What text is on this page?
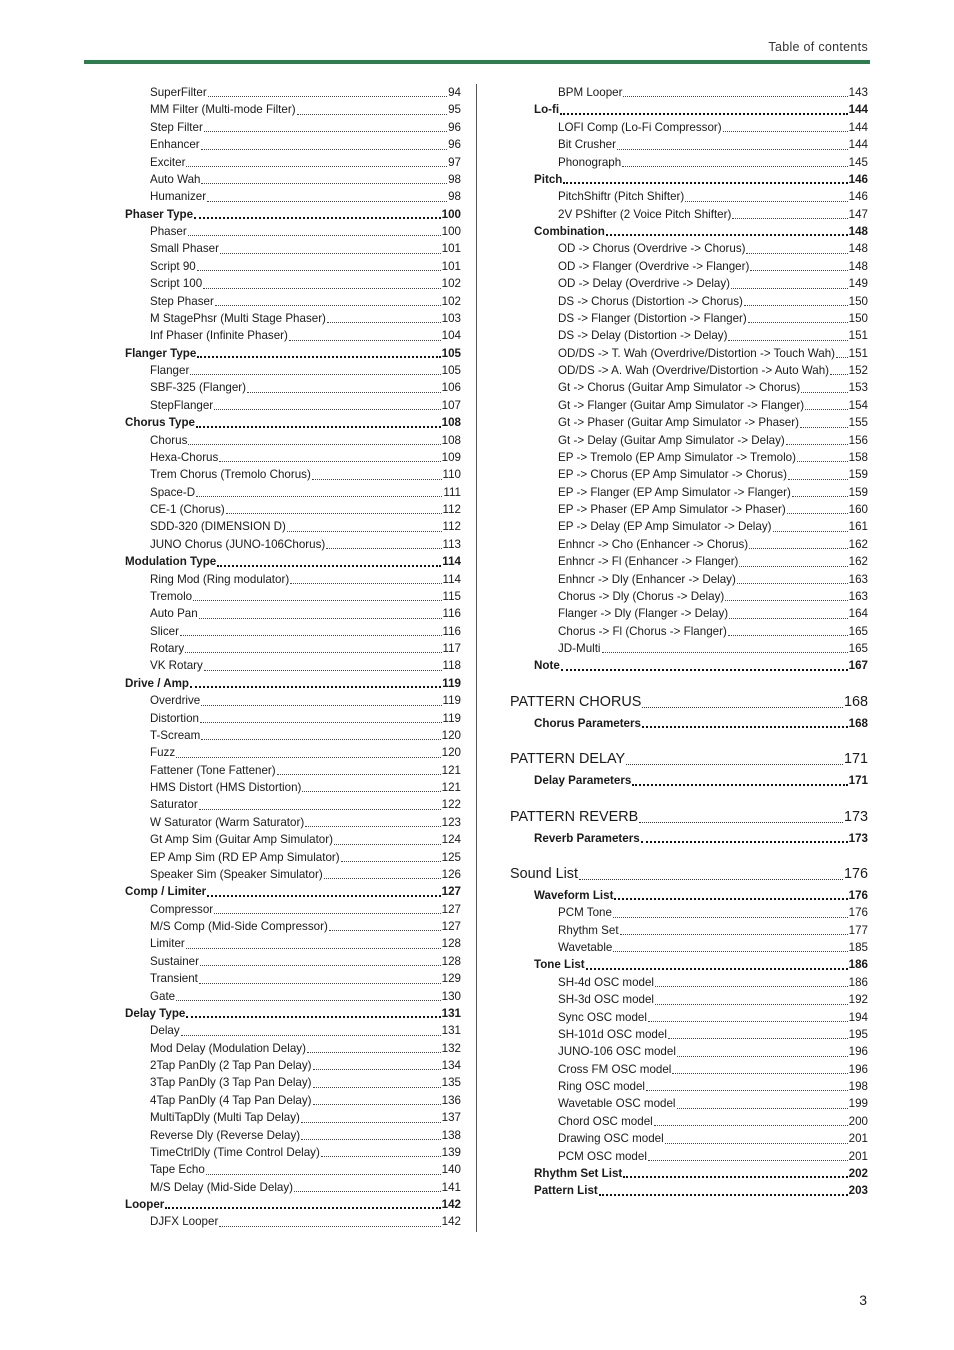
Table of contents
SuperFilter	94
MM Filter (Multi-mode Filter)	95
Step Filter	96
Enhancer	96
Exciter	97
Auto Wah	98
Humanizer	98
Phaser Type	100
Phaser	100
Small Phaser	101
Script 90	101
Script 100	102
Step Phaser	102
M StagePhsr (Multi Stage Phaser)	103
Inf Phaser (Infinite Phaser)	104
Flanger Type	105
Flanger	105
SBF-325 (Flanger)	106
StepFlanger	107
Chorus Type	108
Chorus	108
Hexa-Chorus	109
Trem Chorus (Tremolo Chorus)	110
Space-D	111
CE-1 (Chorus)	112
SDD-320 (DIMENSION D)	112
JUNO Chorus (JUNO-106Chorus)	113
Modulation Type	114
Ring Mod (Ring modulator)	114
Tremolo	115
Auto Pan	116
Slicer	116
Rotary	117
VK Rotary	118
Drive / Amp	119
Overdrive	119
Distortion	119
T-Scream	120
Fuzz	120
Fattener (Tone Fattener)	121
HMS Distort (HMS Distortion)	121
Saturator	122
W Saturator (Warm Saturator)	123
Gt Amp Sim (Guitar Amp Simulator)	124
EP Amp Sim (RD EP Amp Simulator)	125
Speaker Sim (Speaker Simulator)	126
Comp / Limiter	127
Compressor	127
M/S Comp (Mid-Side Compressor)	127
Limiter	128
Sustainer	128
Transient	129
Gate	130
Delay Type	131
Delay	131
Mod Delay (Modulation Delay)	132
2Tap PanDly (2 Tap Pan Delay)	134
3Tap PanDly (3 Tap Pan Delay)	135
4Tap PanDly (4 Tap Pan Delay)	136
MultiTapDly (Multi Tap Delay)	137
Reverse Dly (Reverse Delay)	138
TimeCtrlDly (Time Control Delay)	139
Tape Echo	140
M/S Delay (Mid-Side Delay)	141
Looper	142
DJFX Looper	142
BPM Looper	143
Lo-fi	144
LOFI Comp (Lo-Fi Compressor)	144
Bit Crusher	144
Phonograph	145
Pitch	146
PitchShiftr (Pitch Shifter)	146
2V PShifter (2 Voice Pitch Shifter)	147
Combination	148
OD -> Chorus (Overdrive -> Chorus)	148
OD -> Flanger (Overdrive -> Flanger)	148
OD -> Delay (Overdrive -> Delay)	149
DS -> Chorus (Distortion -> Chorus)	150
DS -> Flanger (Distortion -> Flanger)	150
DS -> Delay (Distortion -> Delay)	151
OD/DS -> T. Wah (Overdrive/Distortion -> Touch Wah) 151
OD/DS -> A. Wah (Overdrive/Distortion -> Auto Wah) 152
Gt -> Chorus (Guitar Amp Simulator -> Chorus)	153
Gt -> Flanger (Guitar Amp Simulator -> Flanger)	154
Gt -> Phaser (Guitar Amp Simulator -> Phaser)	155
Gt -> Delay (Guitar Amp Simulator -> Delay)	156
EP -> Tremolo (EP Amp Simulator -> Tremolo)	158
EP -> Chorus (EP Amp Simulator -> Chorus)	159
EP -> Flanger (EP Amp Simulator -> Flanger)	159
EP -> Phaser (EP Amp Simulator -> Phaser)	160
EP -> Delay (EP Amp Simulator -> Delay)	161
Enhncr -> Cho (Enhancer -> Chorus)	162
Enhncr -> Fl (Enhancer -> Flanger)	162
Enhncr -> Dly (Enhancer -> Delay)	163
Chorus -> Dly (Chorus -> Delay)	163
Flanger -> Dly (Flanger -> Delay)	164
Chorus -> Fl (Chorus -> Flanger)	165
JD-Multi	165
Note	167
PATTERN CHORUS	168
Chorus Parameters	168
PATTERN DELAY	171
Delay Parameters	171
PATTERN REVERB	173
Reverb Parameters	173
Sound List	176
Waveform List	176
PCM Tone	176
Rhythm Set	177
Wavetable	185
Tone List	186
SH-4d OSC model	186
SH-3d OSC model	192
Sync OSC model	194
SH-101d OSC model	195
JUNO-106 OSC model	196
Cross FM OSC model	196
Ring OSC model	198
Wavetable OSC model	199
Chord OSC model	200
Drawing OSC model	201
PCM OSC model	201
Rhythm Set List	202
Pattern List	203
3
